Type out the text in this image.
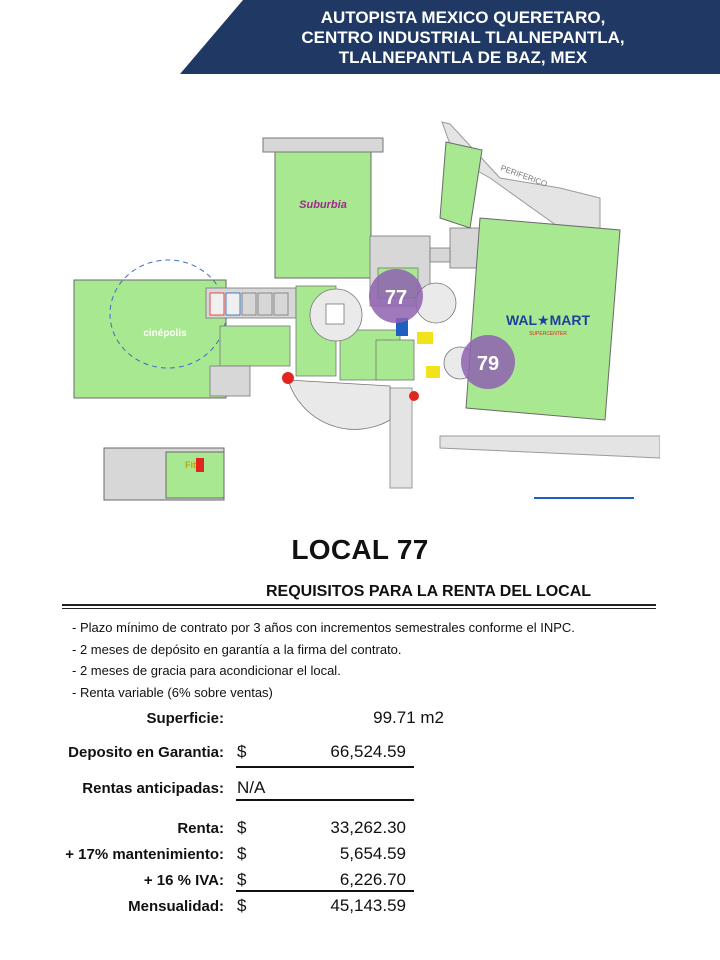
AUTOPISTA MEXICO QUERETARO,
CENTRO INDUSTRIAL TLALNEPANTLA,
TLALNEPANTLA DE BAZ, MEX
PERIFERICO
Suburbia
cinépolis
WAL★MART
SUPERCENTER
Fit
77
79
LOCAL 77
REQUISITOS PARA LA RENTA DEL LOCAL
- Plazo mínimo de contrato por 3 años con incrementos semestrales conforme el INPC.
- 2 meses de depósito en garantía a la firma del contrato.
- 2 meses de gracia para acondicionar el local.
- Renta variable (6% sobre ventas)
Superficie:	99.71 m2
Deposito en Garantia: $	66,524.59
Rentas anticipadas: N/A
Renta: $	33,262.30
+ 17% mantenimiento: $	5,654.59
+ 16 % IVA: $	6,226.70
Mensualidad: $	45,143.59
